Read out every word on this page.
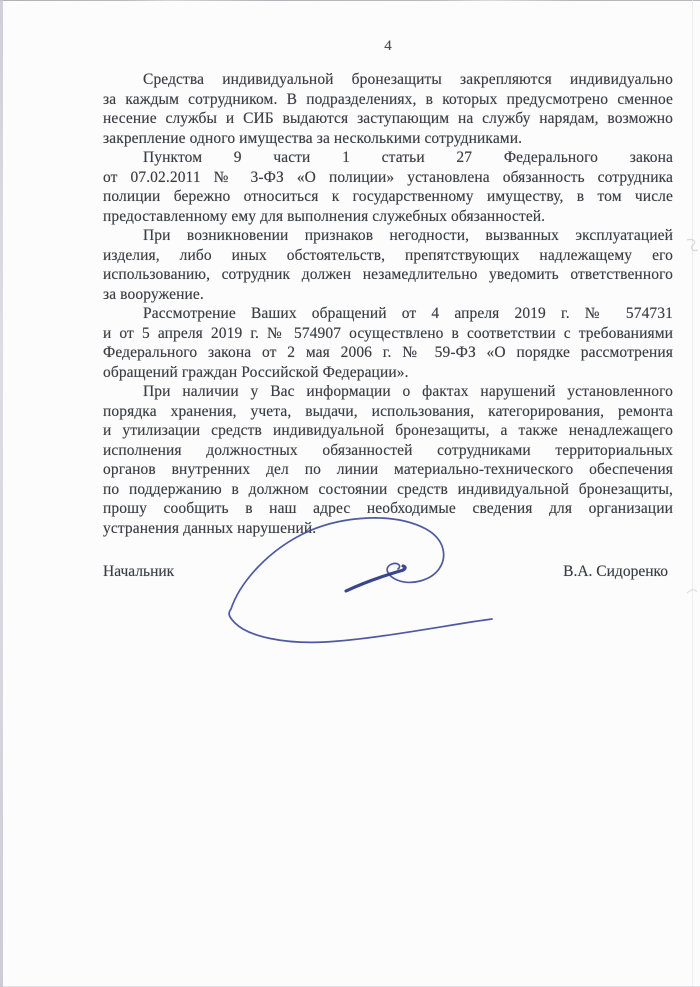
4
Средства индивидуальной бронезащиты закрепляются индивидуально
за каждым сотрудником. В подразделениях, в которых предусмотрено сменное
несение службы и СИБ выдаются заступающим на службу нарядам, возможно
закрепление одного имущества за несколькими сотрудниками.
Пунктом 9 части 1 статьи 27 Федерального закона
от 07.02.2011 № 3-ФЗ «О полиции» установлена обязанность сотрудника
полиции бережно относиться к государственному имуществу, в том числе
предоставленному ему для выполнения служебных обязанностей.
При возникновении признаков негодности, вызванных эксплуатацией
изделия, либо иных обстоятельств, препятствующих надлежащему его
использованию, сотрудник должен незамедлительно уведомить ответственного
за вооружение.
Рассмотрение Ваших обращений от 4 апреля 2019 г. № 574731
и от 5 апреля 2019 г. № 574907 осуществлено в соответствии с требованиями
Федерального закона от 2 мая 2006 г. № 59-ФЗ «О порядке рассмотрения
обращений граждан Российской Федерации».
При наличии у Вас информации о фактах нарушений установленного
порядка хранения, учета, выдачи, использования, категорирования, ремонта
и утилизации средств индивидуальной бронезащиты, а также ненадлежащего
исполнения должностных обязанностей сотрудниками территориальных
органов внутренних дел по линии материально-технического обеспечения
по поддержанию в должном состоянии средств индивидуальной бронезащиты,
прошу сообщить в наш адрес необходимые сведения для организации
устранения данных нарушений.
Начальник	В.А. Сидоренко
